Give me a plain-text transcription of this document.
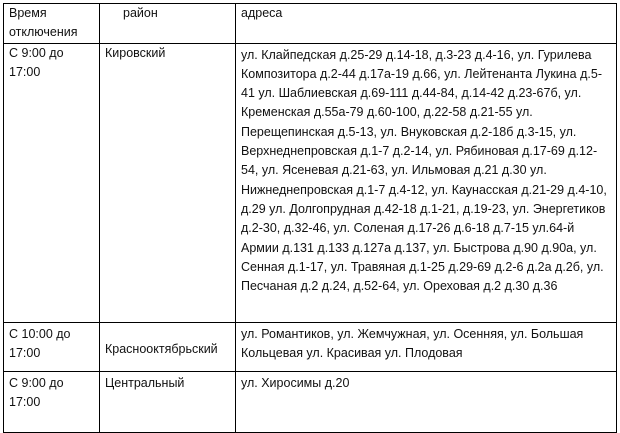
Время отключения	район	адреса
С 9:00 до 17:00	Кировский	ул. Клайпедская д.25-29 д.14-18, д.3-23 д.4-16, ул. Гурилева Композитора д.2-44 д.17а-19 д.66, ул. Лейтенанта Лукина д.5-41 ул. Шаблиевская д.69-111 д.44-84, д.14-42 д.23-67б, ул. Кременская д.55а-79 д.60-100, д.22-58 д.21-55 ул. Перещепинская д.5-13, ул. Внуковская д.2-18б д.3-15, ул. Верхнеднепровская д.1-7 д.2-14, ул. Рябиновая д.17-69 д.12-54, ул. Ясеневая д.21-63, ул. Ильмовая д.21 д.30 ул. Нижнеднепровская д.1-7 д.4-12, ул. Каунасская д.21-29 д.4-10, д.29 ул. Долгопрудная д.42-18 д.1-21, д.19-23, ул. Энергетиков д.2-30, д.32-46, ул. Соленая д.17-26 д.6-18 д.7-15 ул.64-й Армии д.131 д.133 д.127а д.137, ул. Быстрова д.90 д.90а, ул. Сенная д.1-17, ул. Травяная д.1-25 д.29-69 д.2-6 д.2а д.2б, ул. Песчаная д.2 д.24, д.52-64, ул. Ореховая д.2 д.30 д.36

С 10:00 до 17:00	Краснооктябрьский	ул. Романтиков, ул. Жемчужная, ул. Осенняя, ул. Большая Кольцевая ул. Красивая ул. Плодовая

С 9:00 до 17:00	Центральный	ул. Хиросимы д.20
